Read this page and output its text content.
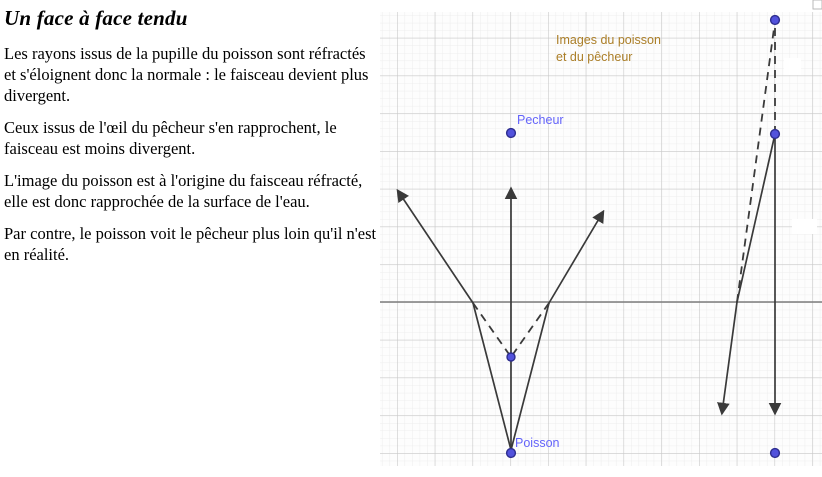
Un face à face tendu

Les rayons issus de la pupille du poisson sont réfractés et s'éloignent donc la normale : le faisceau devient plus divergent.

Ceux issus de l'œil du pêcheur s'en rapprochent, le faisceau est moins divergent.

L'image du poisson est à l'origine du faisceau réfracté, elle est donc rapprochée de la surface de l'eau.

Par contre, le poisson voit le pêcheur plus loin qu'il n'est en réalité.

Pecheur
Poisson
Images du poisson
et du pêcheur
